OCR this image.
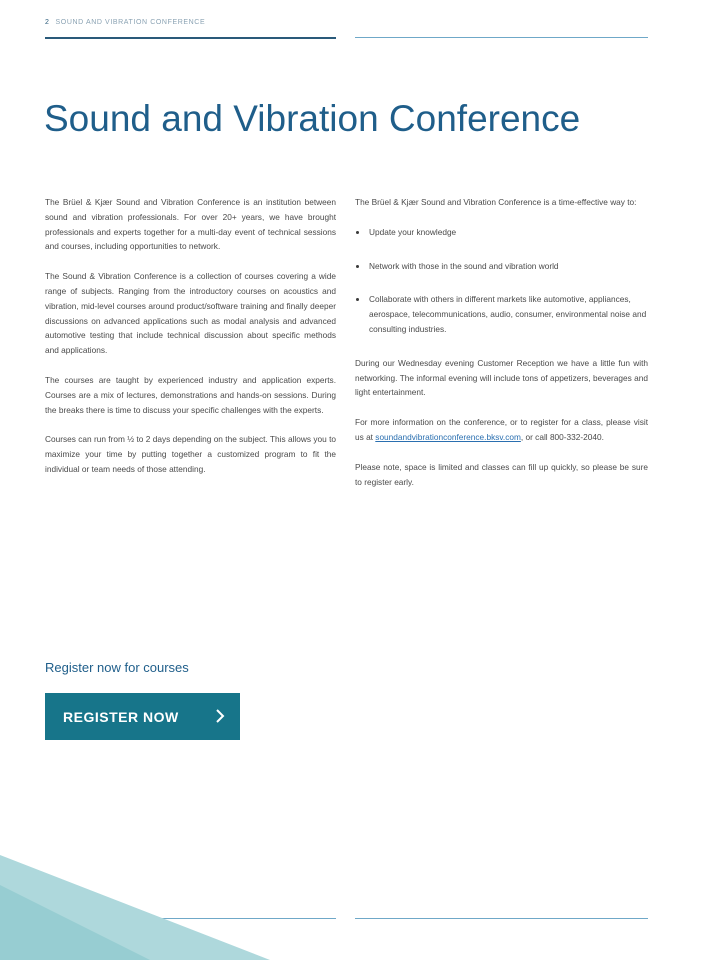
2 SOUND AND VIBRATION CONFERENCE
Sound and Vibration Conference

The Brüel & Kjær Sound and Vibration Conference is an institution between sound and vibration professionals. For over 20+ years, we have brought professionals and experts together for a multi-day event of technical sessions and courses, including opportunities to network.

The Sound & Vibration Conference is a collection of courses covering a wide range of subjects. Ranging from the introductory courses on acoustics and vibration, mid-level courses around product/software training and finally deeper discussions on advanced applications such as modal analysis and advanced automotive testing that include technical discussion about specific methods and applications.

The courses are taught by experienced industry and application experts. Courses are a mix of lectures, demonstrations and hands-on sessions. During the breaks there is time to discuss your specific challenges with the experts.

Courses can run from ½ to 2 days depending on the subject. This allows you to maximize your time by putting together a customized program to fit the individual or team needs of those attending.

The Brüel & Kjær Sound and Vibration Conference is a time-effective way to:

Update your knowledge
Network with those in the sound and vibration world
Collaborate with others in different markets like automotive, appliances, aerospace, telecommunications, audio, consumer, environmental noise and consulting industries.

During our Wednesday evening Customer Reception we have a little fun with networking. The informal evening will include tons of appetizers, beverages and light entertainment.

For more information on the conference, or to register for a class, please visit us at soundandvibrationconference.bksv.com, or call 800-332-2040.

Please note, space is limited and classes can fill up quickly, so please be sure to register early.

Register now for courses
REGISTER NOW
